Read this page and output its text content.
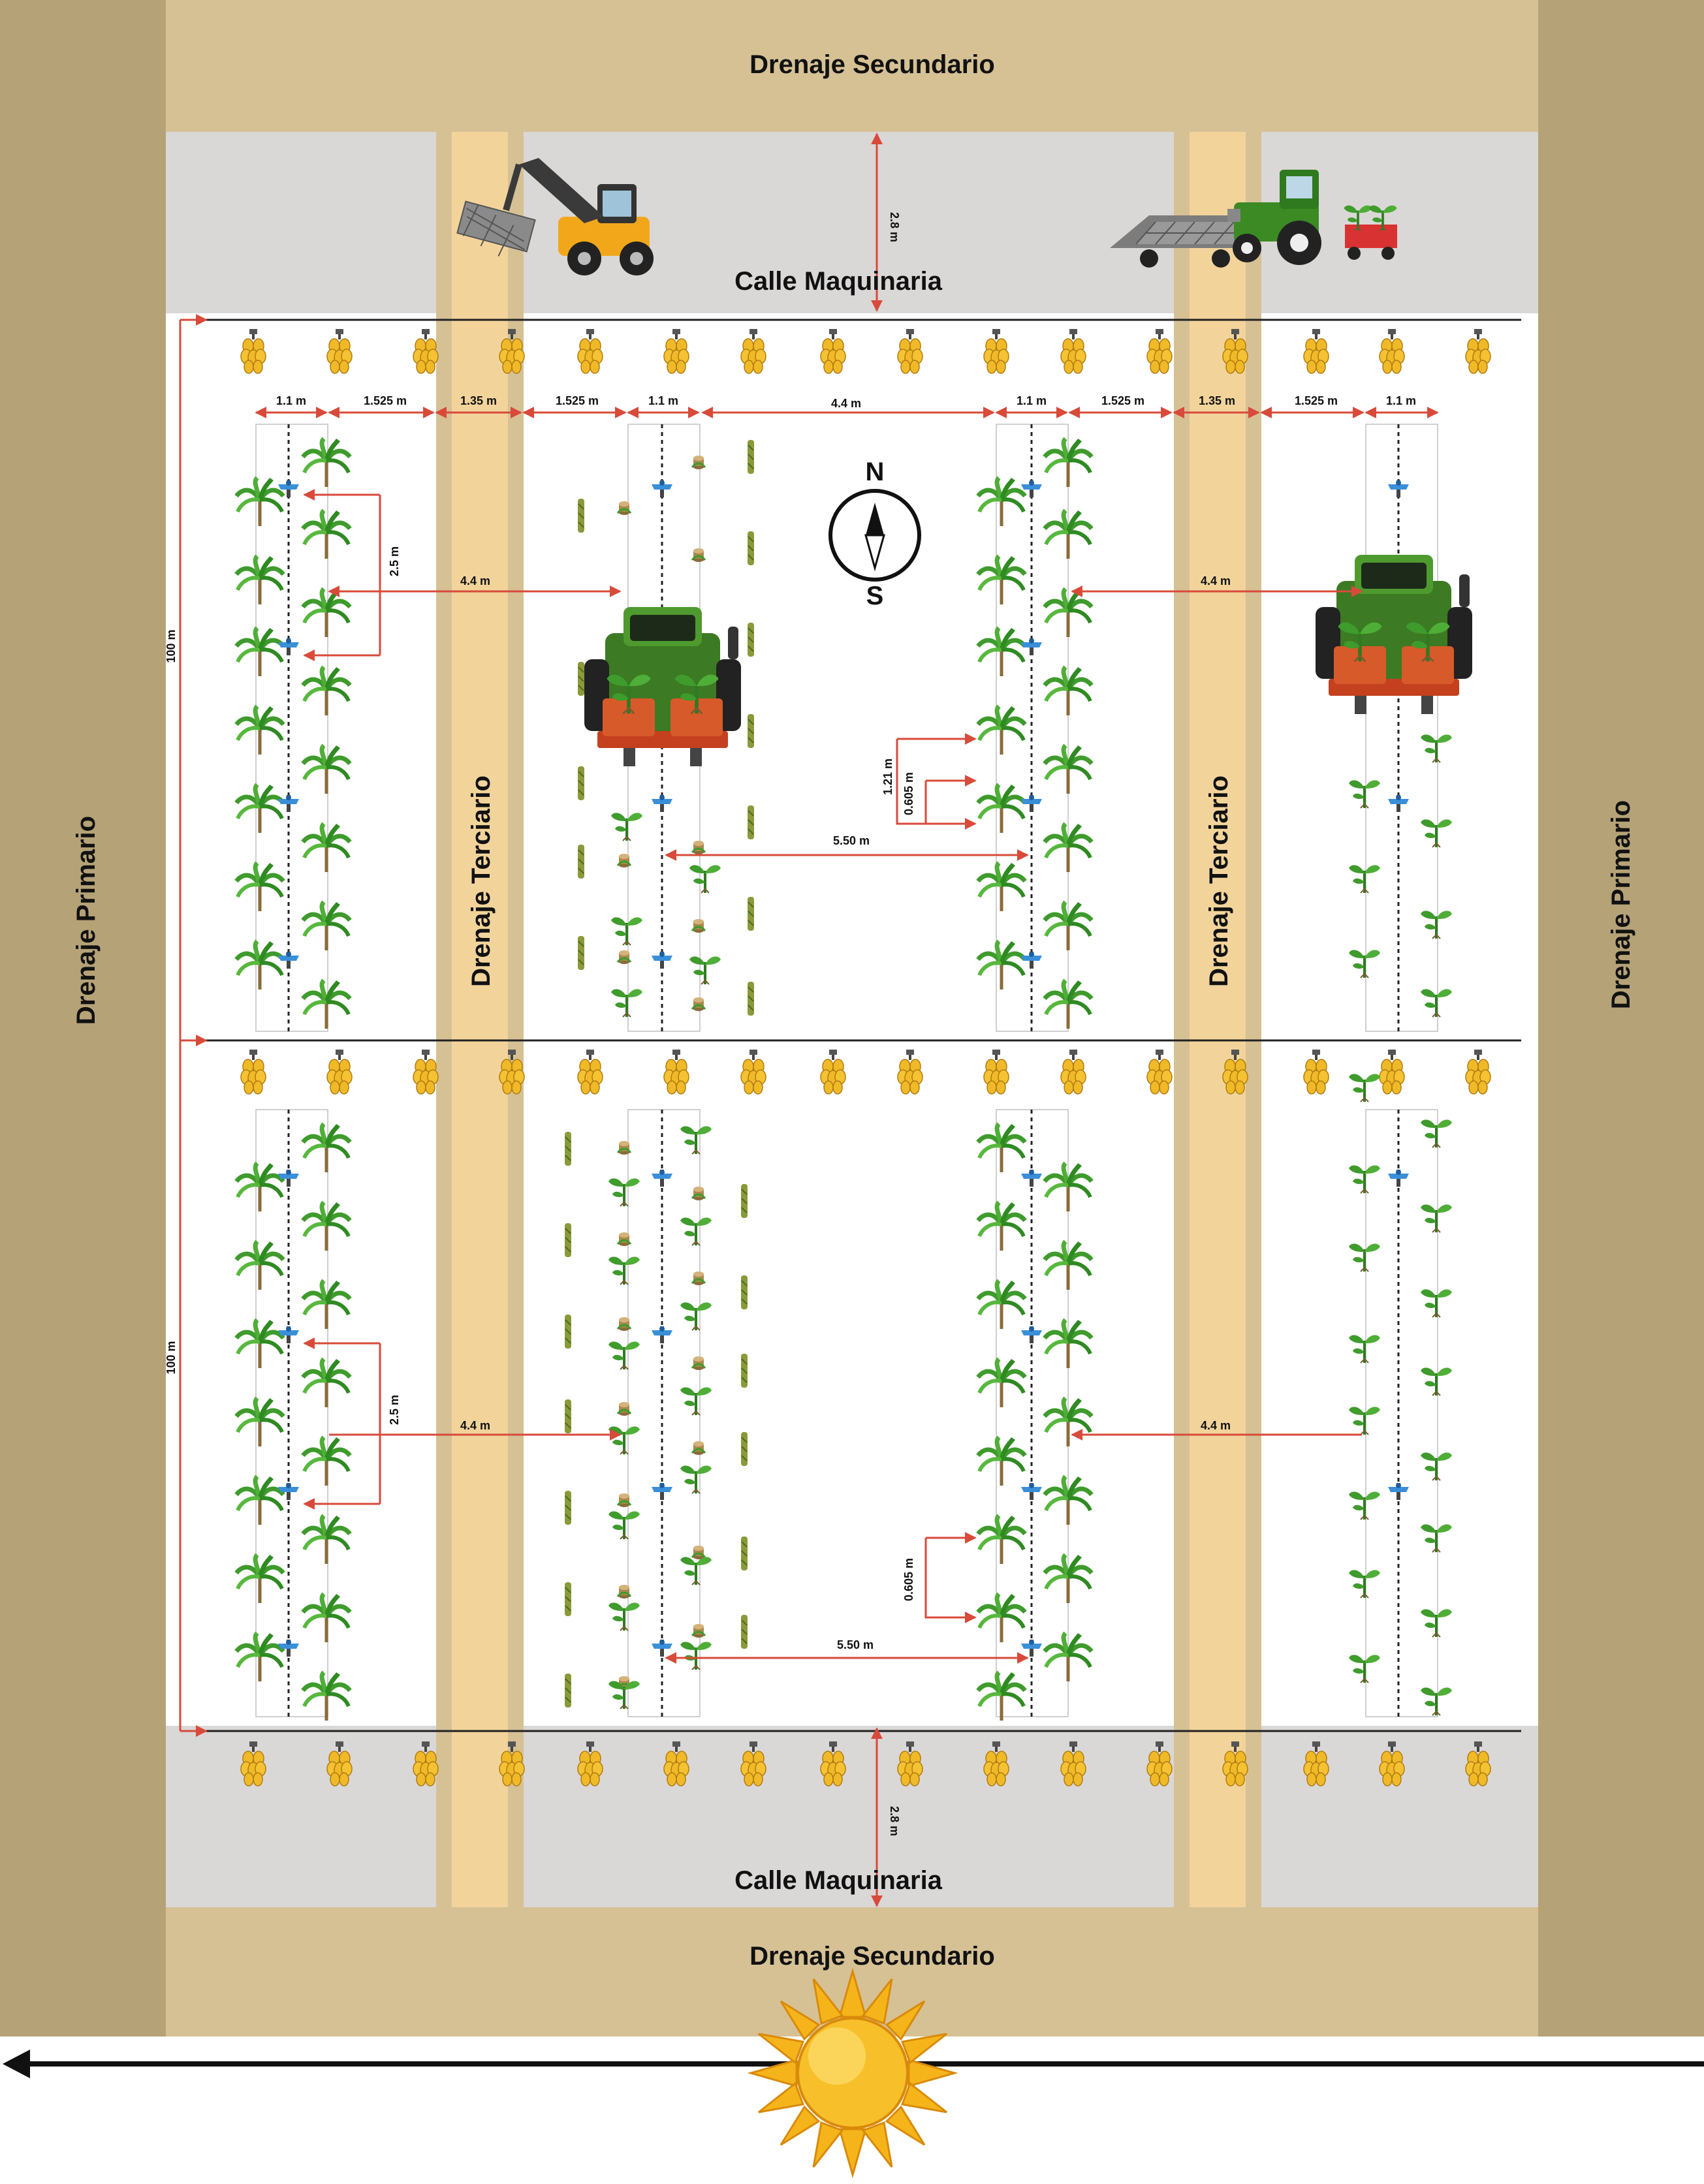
N
S
2.8 m
2.8 m
1.1 m	1.525 m	1.35 m	1.525 m	1.1 m	4.4 m	1.1 m	1.525 m	1.35 m	1.525 m	1.1 m
100 m
100 m
2.5 m
2.5 m
4.4 m	4.4 m
4.4 m	4.4 m
1.21 m 0.605 m
0.605 m
5.50 m
5.50 m
Drenaje Secundario
Drenaje Secundario
Calle Maquinaria
Calle Maquinaria
Drenaje Primario	Drenaje Primario
Drenaje Terciario	Drenaje Terciario
